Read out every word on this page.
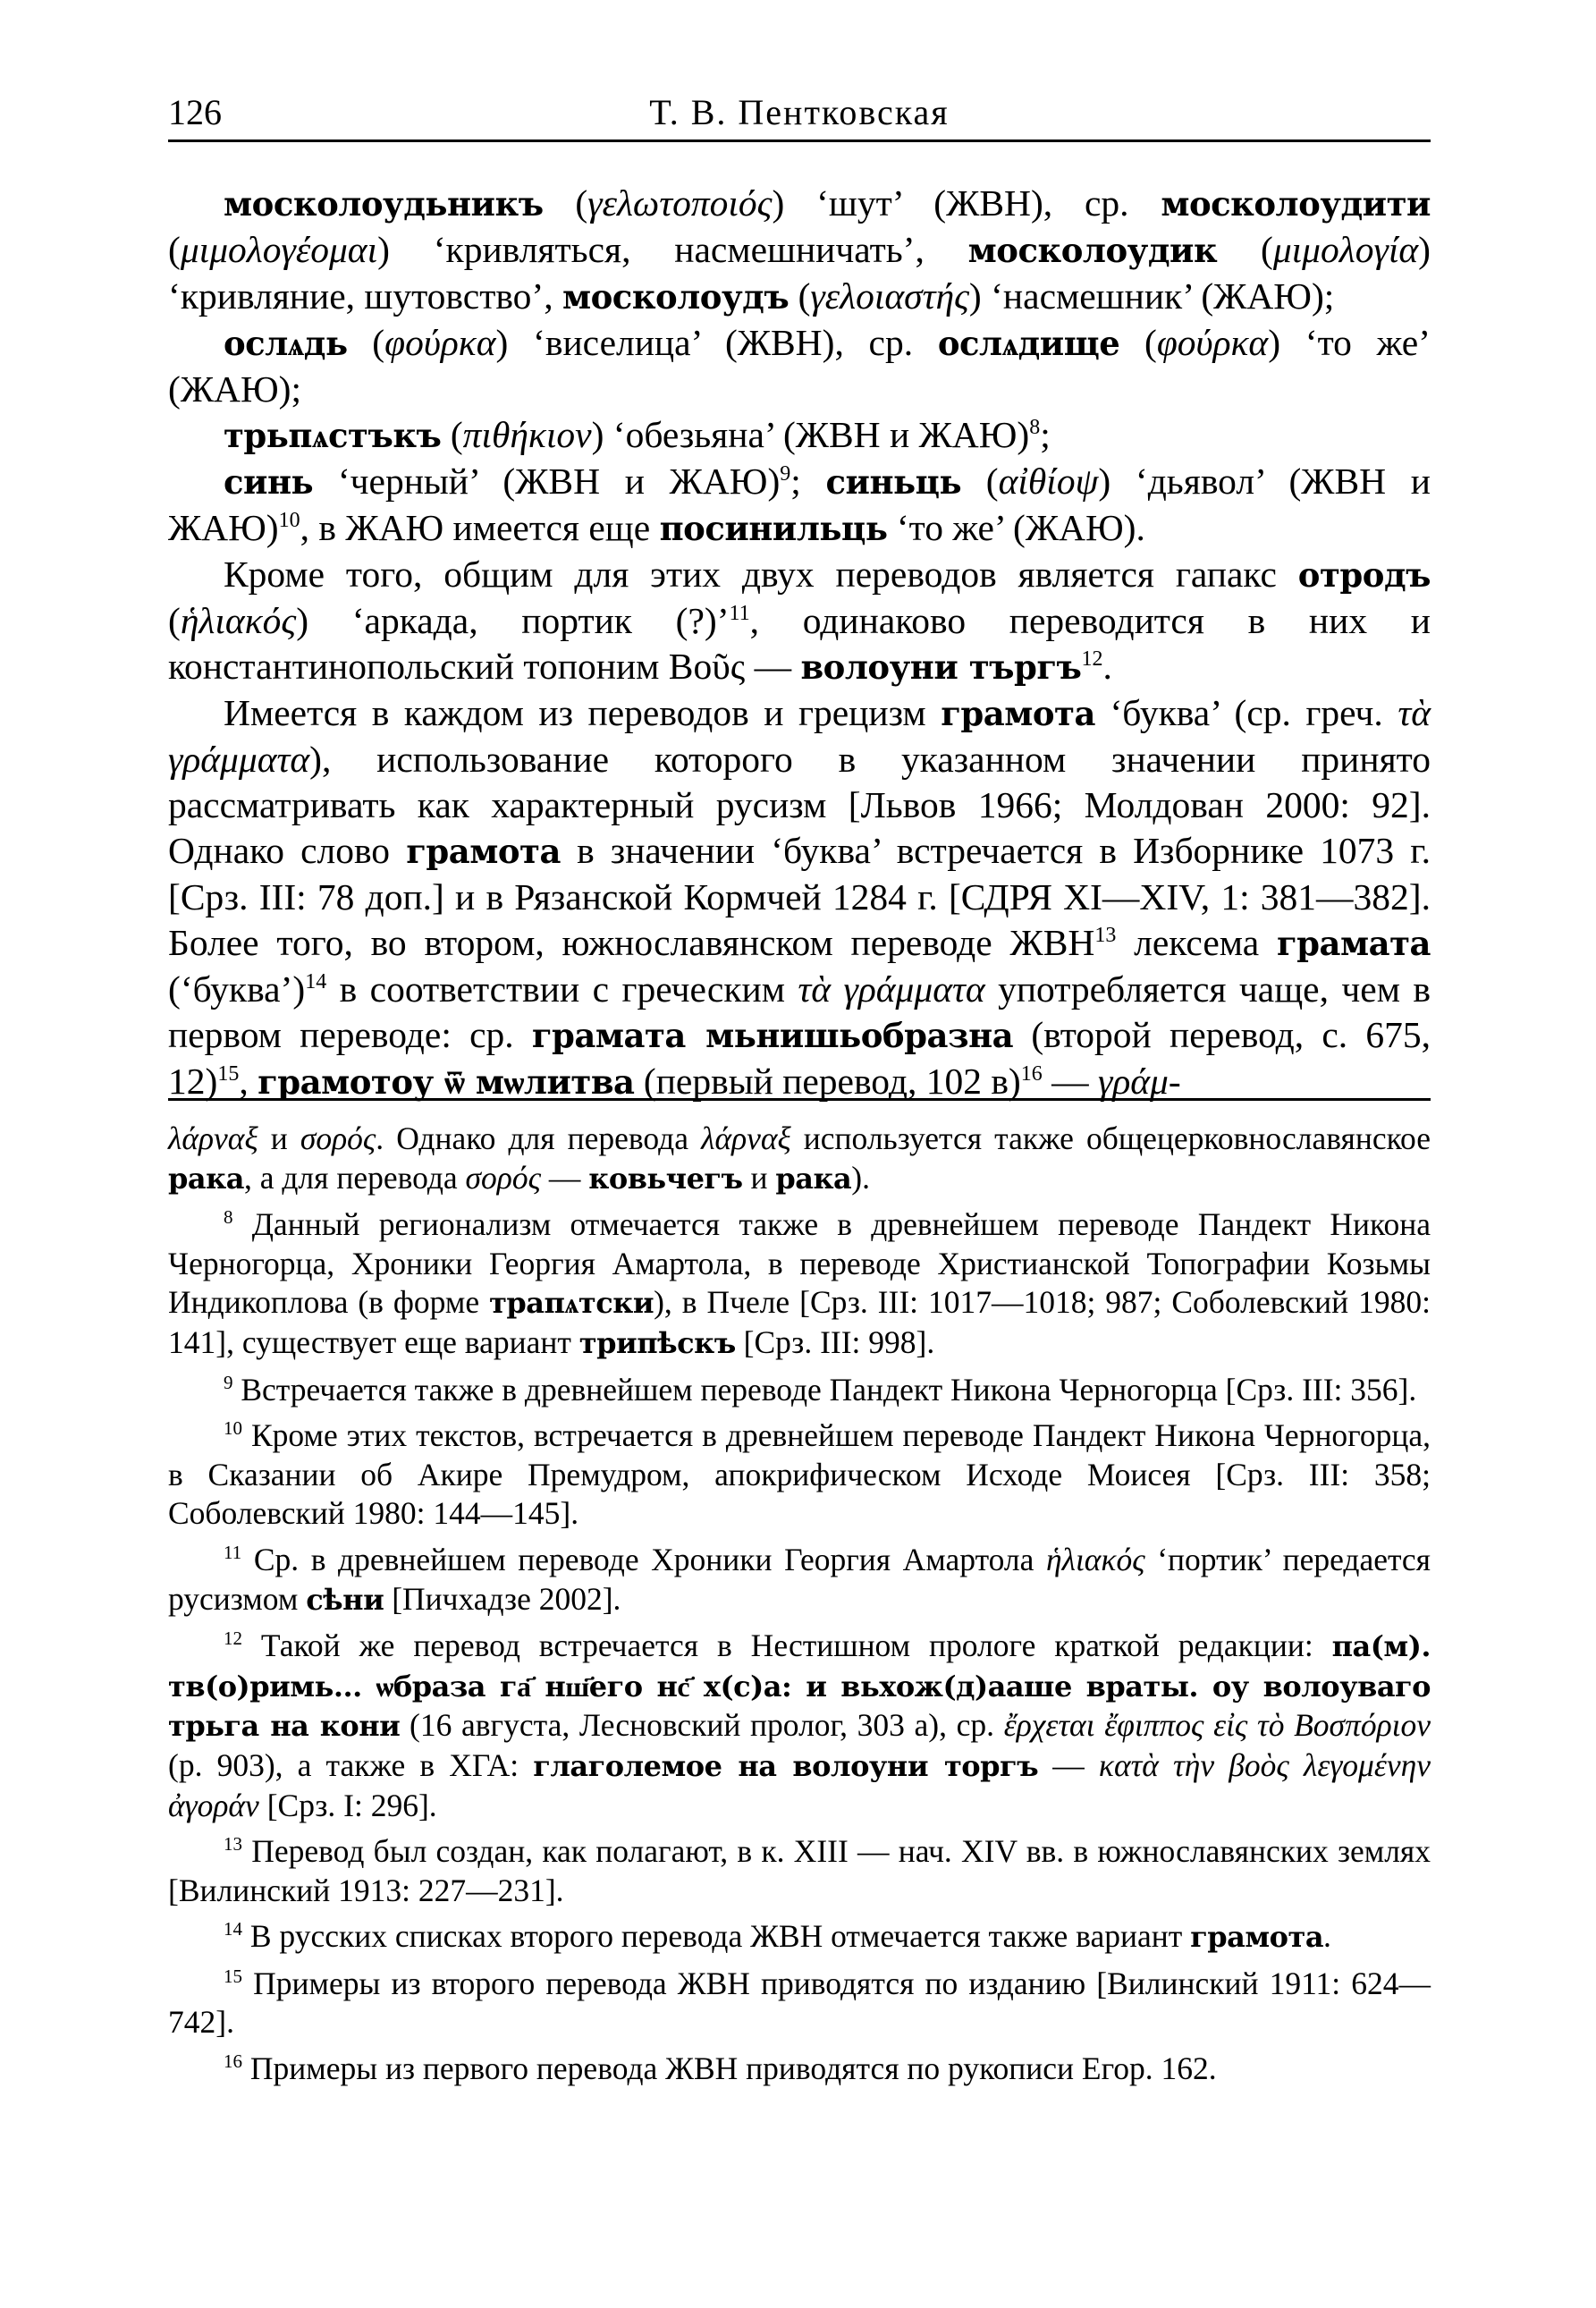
126	Т. В. Пентковская

москолоудьникъ (γελωτοποιός) ‘шут’ (ЖВН), ср. москолоудити (μιμολογέομαι) ‘кривляться, насмешничать’, москолоудик (μιμολογία) ‘кривляние, шутовство’, москолоудъ (γελοιαστής) ‘насмешник’ (ЖАЮ);

ослѧдь (φούρκα) ‘виселица’ (ЖВН), ср. ослѧдище (φούρκα) ‘то же’ (ЖАЮ);

трьпѧстъкъ (πιθήκιον) ‘обезьяна’ (ЖВН и ЖАЮ)$^8$;

синь ‘черный’ (ЖВН и ЖАЮ)$^9$; синьць (αἰθίοψ) ‘дьявол’ (ЖВН и ЖАЮ)$^{10}$, в ЖАЮ имеется еще посинильць ‘то же’ (ЖАЮ).

Кроме того, общим для этих двух переводов является гапакс отродъ (ἡλιακός) ‘аркада, портик (?)’$^{11}$, одинаково переводится в них и константинопольский топоним Βοῦς — волоуни търгъ$^{12}$.

Имеется в каждом из переводов и грецизм грамота ‘буква’ (ср. греч. τὰ γράμματα), использование которого в указанном значении принято рассматривать как характерный русизм [Львов 1966; Молдован 2000: 92]. Однако слово грамота в значении ‘буква’ встречается в Изборнике 1073 г. [Срз. III: 78 доп.] и в Рязанской Кормчей 1284 г. [СДРЯ XI—XIV, 1: 381—382]. Более того, во втором, южнославянском переводе ЖВН$^{13}$ лексема грамата (‘буква’)$^{14}$ в соответствии с греческим τὰ γράμματα употребляется чаще, чем в первом переводе: ср. грамата мьнишьобразна (второй перевод, с. 675, 12)$^{15}$, грамотоу ѿ мѡлитва (первый перевод, 102 в)$^{16}$ — γράμ-

λάρναξ и σορός. Однако для перевода λάρναξ используется также общецерковнославянское рака, а для перевода σορός — ковьчегъ и рака).

$^8$ Данный регионализм отмечается также в древнейшем переводе Пандект Никона Черногорца, Хроники Георгия Амартола, в переводе Христианской Топографии Козьмы Индикоплова (в форме трапѧтски), в Пчеле [Срз. III: 1017—1018; 987; Соболевский 1980: 141], существует еще вариант трипѣскъ [Срз. III: 998].

$^9$ Встречается также в древнейшем переводе Пандект Никона Черногорца [Срз. III: 356].

$^{10}$ Кроме этих текстов, встречается в древнейшем переводе Пандект Никона Черногорца, в Сказании об Акире Премудром, апокрифическом Исходе Моисея [Срз. III: 358; Соболевский 1980: 144—145].

$^{11}$ Ср. в древнейшем переводе Хроники Георгия Амартола ἡλιακός ‘портик’ передается русизмом сѣни [Пичхадзе 2002].

$^{12}$ Такой же перевод встречается в Нестишном прологе краткой редакции: па(м). тв(о)римь... ѡбраза га҃ нш҃его нс҃ х(с)а: и вьхож(д)ааше враты. оу волоуваго трьга на кони (16 августа, Лесновский пролог, 303 а), ср. ἔρχεται ἔφιππος εἰς τὸ Βοσπόριον (р. 903), а также в ХГА: глаголемое на волоуни торгъ — κατὰ τὴν βοὸς λεγομένην ἀγοράν [Срз. I: 296].

$^{13}$ Перевод был создан, как полагают, в к. XIII — нач. XIV вв. в южнославянских землях [Вилинский 1913: 227—231].

$^{14}$ В русских списках второго перевода ЖВН отмечается также вариант грамота.

$^{15}$ Примеры из второго перевода ЖВН приводятся по изданию [Вилинский 1911: 624—742].

$^{16}$ Примеры из первого перевода ЖВН приводятся по рукописи Егор. 162.
